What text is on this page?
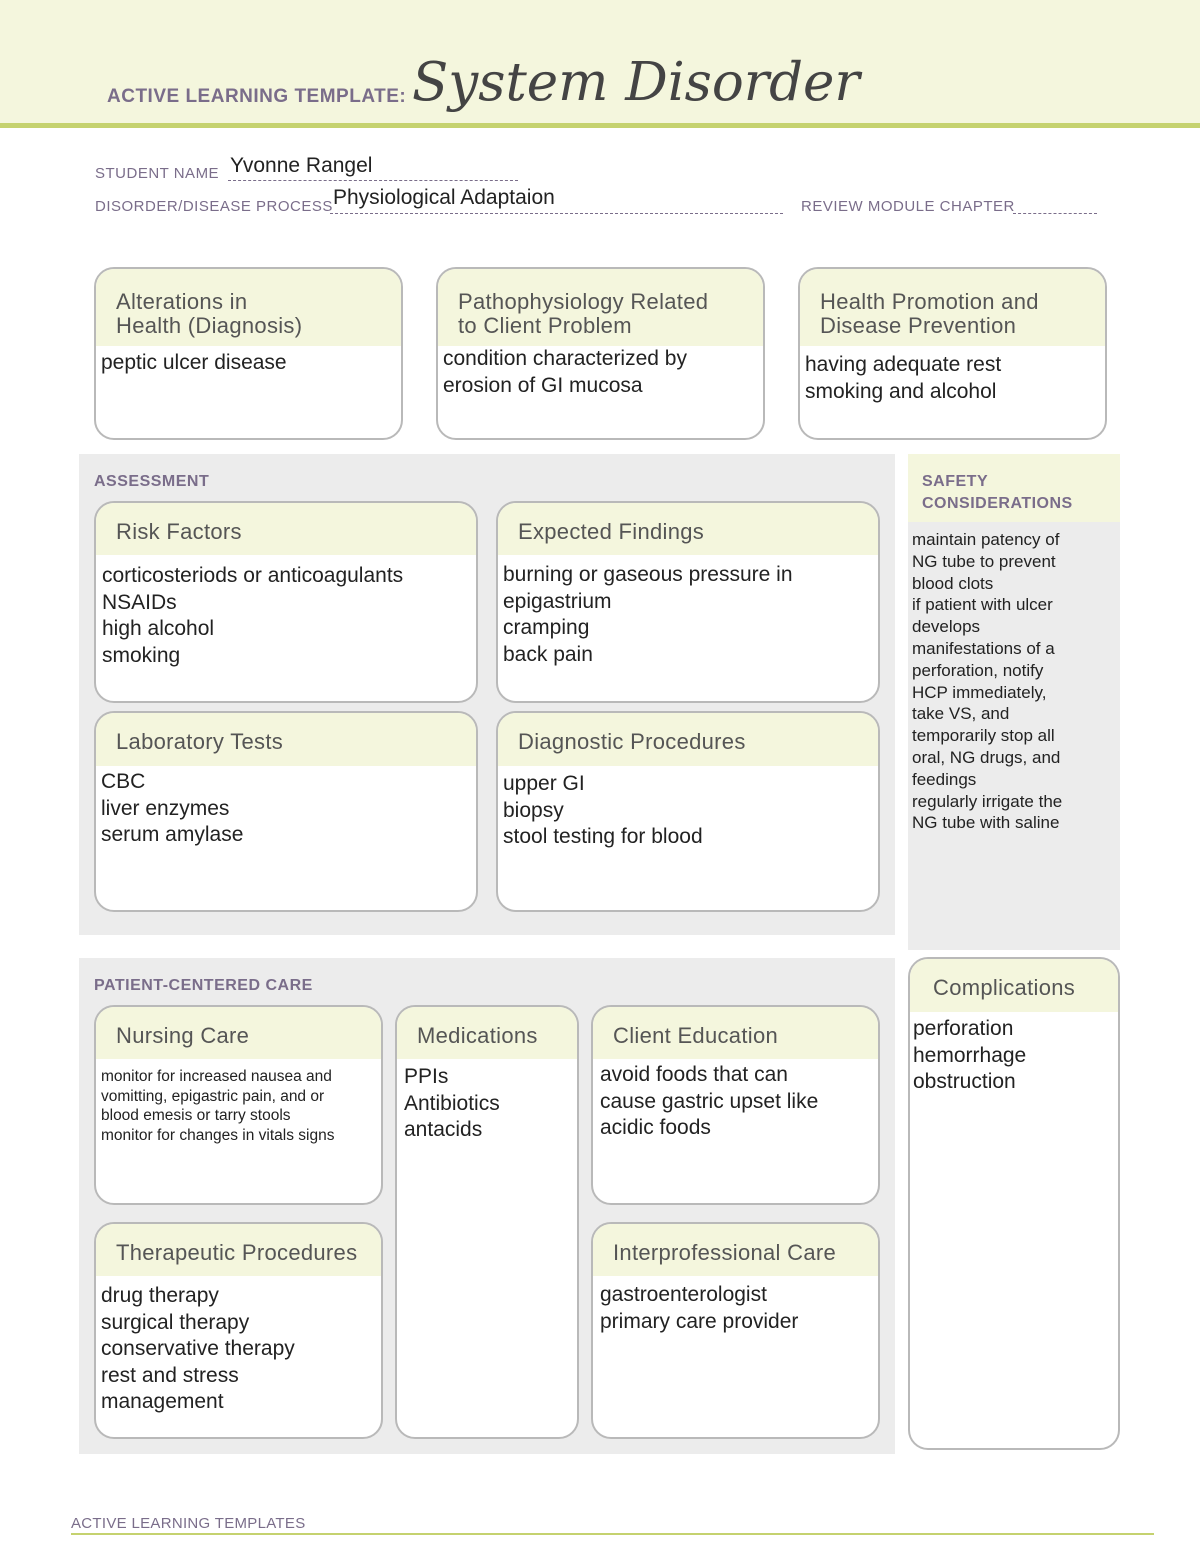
ACTIVE LEARNING TEMPLATE: System Disorder
STUDENT NAME Yvonne Rangel
DISORDER/DISEASE PROCESS Physiological Adaptaion	REVIEW MODULE CHAPTER
Alterations in
Health (Diagnosis)
peptic ulcer disease
Pathophysiology Related
to Client Problem
condition characterized by
erosion of GI mucosa
Health Promotion and
Disease Prevention
having adequate rest
smoking and alcohol
ASSESSMENT
Risk Factors
corticosteriods or anticoagulants
NSAIDs
high alcohol
smoking
Expected Findings
burning or gaseous pressure in
epigastrium
cramping
back pain
Laboratory Tests
CBC
liver enzymes
serum amylase
Diagnostic Procedures
upper GI
biopsy
stool testing for blood
SAFETY
CONSIDERATIONS
maintain patency of
NG tube to prevent
blood clots
if patient with ulcer
develops
manifestations of a
perforation, notify
HCP immediately,
take VS, and
temporarily stop all
oral, NG drugs, and
feedings
regularly irrigate the
NG tube with saline
PATIENT-CENTERED CARE
Nursing Care
monitor for increased nausea and
vomitting, epigastric pain, and or
blood emesis or tarry stools
monitor for changes in vitals signs
Medications
PPIs
Antibiotics
antacids
Client Education
avoid foods that can
cause gastric upset like
acidic foods
Therapeutic Procedures
drug therapy
surgical therapy
conservative therapy
rest and stress
management
Interprofessional Care
gastroenterologist
primary care provider
Complications
perforation
hemorrhage
obstruction
ACTIVE LEARNING TEMPLATES
